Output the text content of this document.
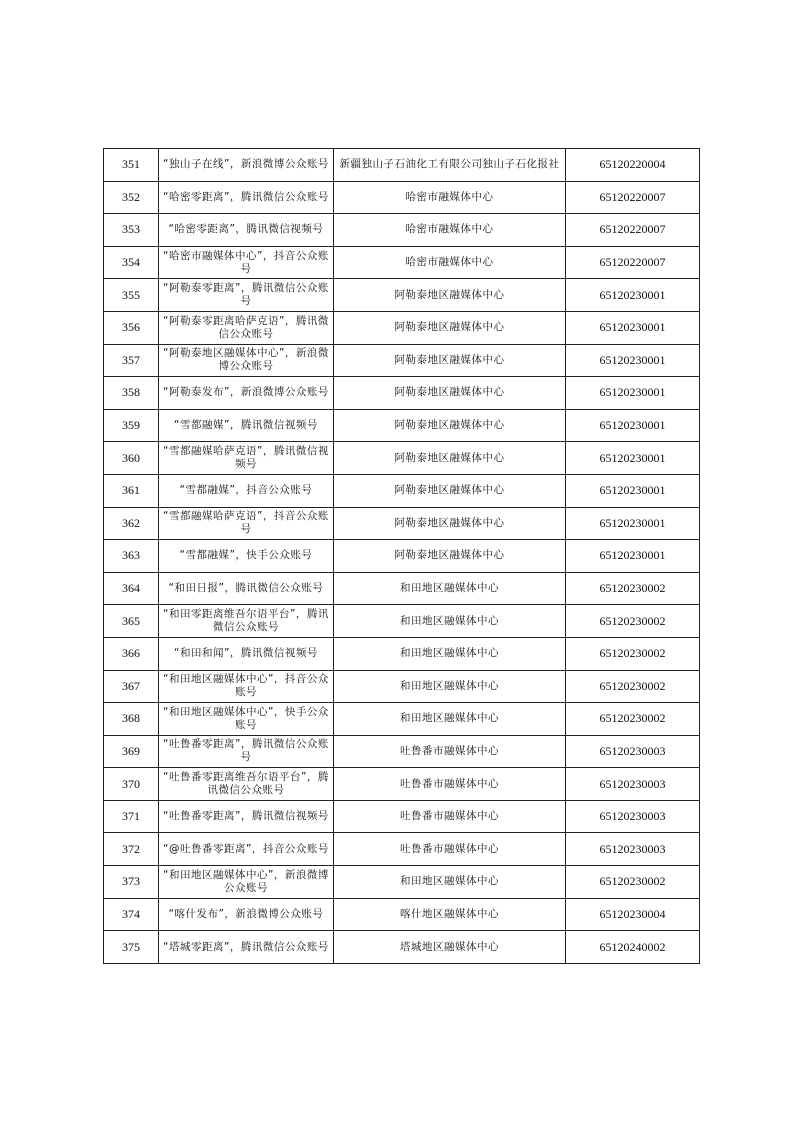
351	“独山子在线”，新浪微博公众账号	新疆独山子石油化工有限公司独山子石化报社	65120220004
352	“哈密零距离”，腾讯微信公众账号	哈密市融媒体中心	65120220007
353	“哈密零距离”，腾讯微信视频号	哈密市融媒体中心	65120220007
354	“哈密市融媒体中心”，抖音公众账号	哈密市融媒体中心	65120220007
355	“阿勒泰零距离”，腾讯微信公众账号	阿勒泰地区融媒体中心	65120230001
356	“阿勒泰零距离哈萨克语”，腾讯微信公众账号	阿勒泰地区融媒体中心	65120230001
357	“阿勒泰地区融媒体中心”，新浪微博公众账号	阿勒泰地区融媒体中心	65120230001
358	“阿勒泰发布”，新浪微博公众账号	阿勒泰地区融媒体中心	65120230001
359	“雪都融媒”，腾讯微信视频号	阿勒泰地区融媒体中心	65120230001
360	“雪都融媒哈萨克语”，腾讯微信视频号	阿勒泰地区融媒体中心	65120230001
361	“雪都融媒”，抖音公众账号	阿勒泰地区融媒体中心	65120230001
362	“雪都融媒哈萨克语”，抖音公众账号	阿勒泰地区融媒体中心	65120230001
363	“雪都融媒”，快手公众账号	阿勒泰地区融媒体中心	65120230001
364	“和田日报”，腾讯微信公众账号	和田地区融媒体中心	65120230002
365	“和田零距离维吾尔语平台”，腾讯微信公众账号	和田地区融媒体中心	65120230002
366	“和田和闻”，腾讯微信视频号	和田地区融媒体中心	65120230002
367	“和田地区融媒体中心”，抖音公众账号	和田地区融媒体中心	65120230002
368	“和田地区融媒体中心”，快手公众账号	和田地区融媒体中心	65120230002
369	“吐鲁番零距离”，腾讯微信公众账号	吐鲁番市融媒体中心	65120230003
370	“吐鲁番零距离维吾尔语平台”，腾讯微信公众账号	吐鲁番市融媒体中心	65120230003
371	“吐鲁番零距离”，腾讯微信视频号	吐鲁番市融媒体中心	65120230003
372	“@吐鲁番零距离”，抖音公众账号	吐鲁番市融媒体中心	65120230003
373	“和田地区融媒体中心”，新浪微博公众账号	和田地区融媒体中心	65120230002
374	“喀什发布”，新浪微博公众账号	喀什地区融媒体中心	65120230004
375	“塔城零距离”，腾讯微信公众账号	塔城地区融媒体中心	65120240002
